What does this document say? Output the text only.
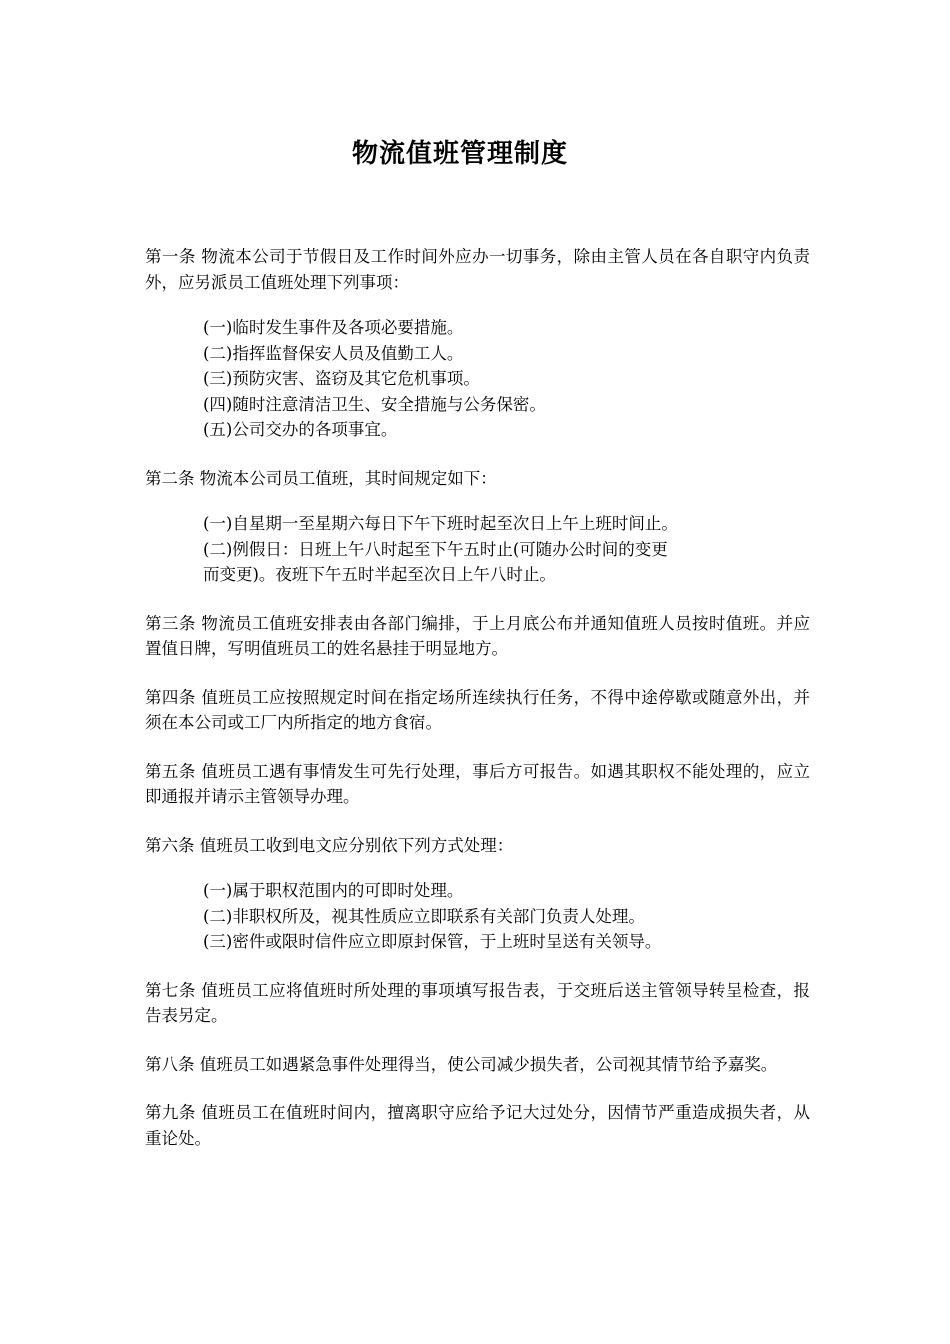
物流值班管理制度

第一条 物流本公司于节假日及工作时间外应办一切事务，除由主管人员在各自职守内负责外，应另派员工值班处理下列事项：

(一)临时发生事件及各项必要措施。
(二)指挥监督保安人员及值勤工人。
(三)预防灾害、盗窃及其它危机事项。
(四)随时注意清洁卫生、安全措施与公务保密。
(五)公司交办的各项事宜。

第二条 物流本公司员工值班，其时间规定如下：

(一)自星期一至星期六每日下午下班时起至次日上午上班时间止。
(二)例假日：日班上午八时起至下午五时止(可随办公时间的变更
而变更)。夜班下午五时半起至次日上午八时止。

第三条 物流员工值班安排表由各部门编排，于上月底公布并通知值班人员按时值班。并应置值日牌，写明值班员工的姓名悬挂于明显地方。

第四条 值班员工应按照规定时间在指定场所连续执行任务，不得中途停歇或随意外出，并须在本公司或工厂内所指定的地方食宿。

第五条 值班员工遇有事情发生可先行处理，事后方可报告。如遇其职权不能处理的，应立即通报并请示主管领导办理。

第六条 值班员工收到电文应分别依下列方式处理：

(一)属于职权范围内的可即时处理。
(二)非职权所及，视其性质应立即联系有关部门负责人处理。
(三)密件或限时信件应立即原封保管，于上班时呈送有关领导。

第七条 值班员工应将值班时所处理的事项填写报告表，于交班后送主管领导转呈检查，报告表另定。

第八条 值班员工如遇紧急事件处理得当，使公司减少损失者，公司视其情节给予嘉奖。

第九条 值班员工在值班时间内，擅离职守应给予记大过处分，因情节严重造成损失者，从重论处。
